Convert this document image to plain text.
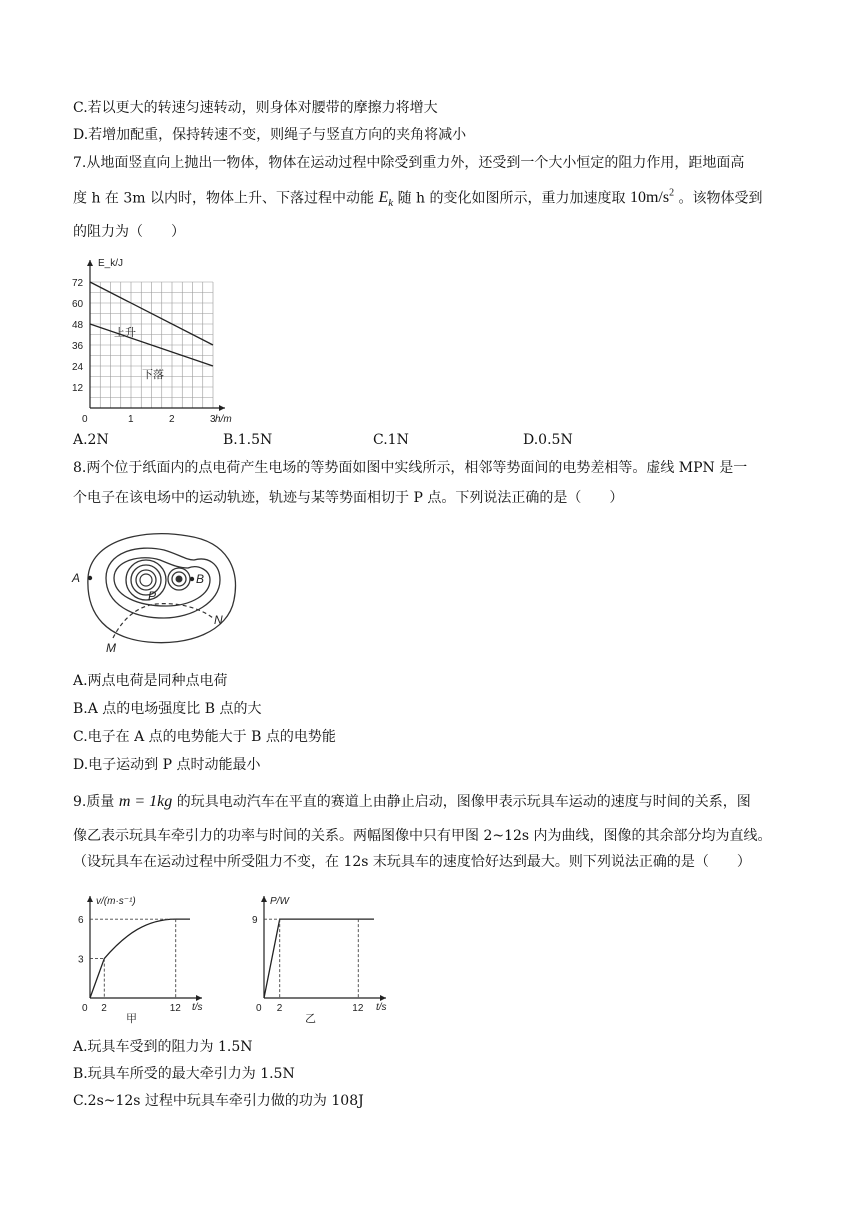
C.若以更大的转速匀速转动，则身体对腰带的摩擦力将增大
D.若增加配重，保持转速不变，则绳子与竖直方向的夹角将减小
7.从地面竖直向上抛出一物体，物体在运动过程中除受到重力外，还受到一个大小恒定的阻力作用，距地面高
度 h 在 3m 以内时，物体上升、下落过程中动能 $E_k$ 随 h 的变化如图所示，重力加速度取 $10m/s^2$ 。该物体受到
的阻力为（　　）
0	1	2	3
12
24
36
48
60
72
E_k/J
h/m
上升
下落
A.2N	B.1.5N	C.1N	D.0.5N
8.两个位于纸面内的点电荷产生电场的等势面如图中实线所示，相邻等势面间的电势差相等。虚线 MPN 是一
个电子在该电场中的运动轨迹，轨迹与某等势面相切于 P 点。下列说法正确的是（　　）
A	B
P
M
N
A.两点电荷是同种点电荷
B.A 点的电场强度比 B 点的大
C.电子在 A 点的电势能大于 B 点的电势能
D.电子运动到 P 点时动能最小
9.质量 m = 1kg 的玩具电动汽车在平直的赛道上由静止启动，图像甲表示玩具车运动的速度与时间的关系，图
像乙表示玩具车牵引力的功率与时间的关系。两幅图像中只有甲图 2~12s 内为曲线，图像的其余部分均为直线。
（设玩具车在运动过程中所受阻力不变，在 12s 末玩具车的速度恰好达到最大。则下列说法正确的是（　　）
v/(m·s⁻¹)
t/s
0 2	12
3
6
甲
P/W
t/s
0 2	12
9
乙
A.玩具车受到的阻力为 1.5N
B.玩具车所受的最大牵引力为 1.5N
C.2s~12s 过程中玩具车牵引力做的功为 108J
